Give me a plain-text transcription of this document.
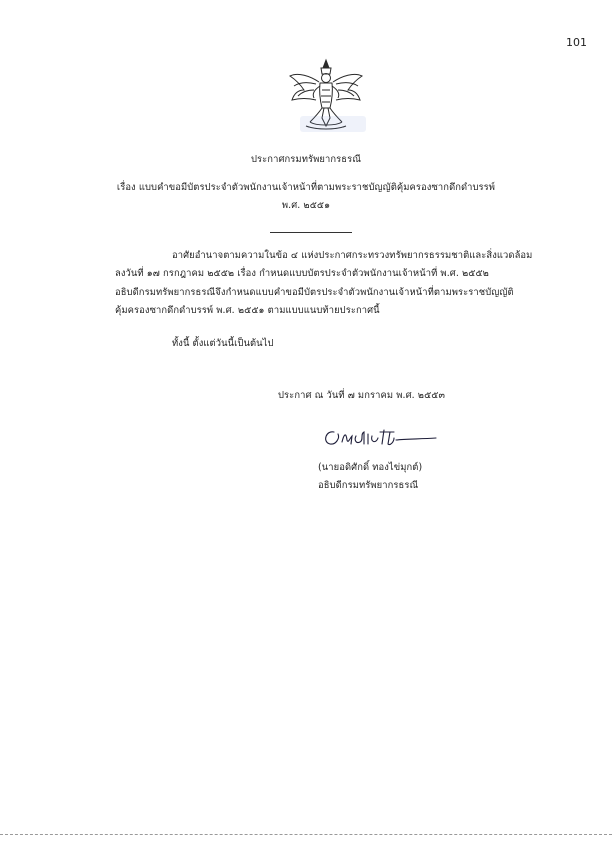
101
ประกาศกรมทรัพยากรธรณี
เรื่อง แบบคำขอมีบัตรประจำตัวพนักงานเจ้าหน้าที่ตามพระราชบัญญัติคุ้มครองซากดึกดำบรรพ์
พ.ศ. ๒๕๕๑
อาศัยอำนาจตามความในข้อ ๔ แห่งประกาศกระทรวงทรัพยากรธรรมชาติและสิ่งแวดล้อม
ลงวันที่ ๑๗ กรกฎาคม ๒๕๕๒ เรื่อง กำหนดแบบบัตรประจำตัวพนักงานเจ้าหน้าที่ พ.ศ. ๒๕๕๒
อธิบดีกรมทรัพยากรธรณีจึงกำหนดแบบคำขอมีบัตรประจำตัวพนักงานเจ้าหน้าที่ตามพระราชบัญญัติ
คุ้มครองซากดึกดำบรรพ์ พ.ศ. ๒๕๕๑ ตามแบบแนบท้ายประกาศนี้
ทั้งนี้ ตั้งแต่วันนี้เป็นต้นไป
ประกาศ ณ วันที่ ๗ มกราคม พ.ศ. ๒๕๕๓
(นายอดิศักดิ์ ทองไข่มุกต์)
อธิบดีกรมทรัพยากรธรณี
